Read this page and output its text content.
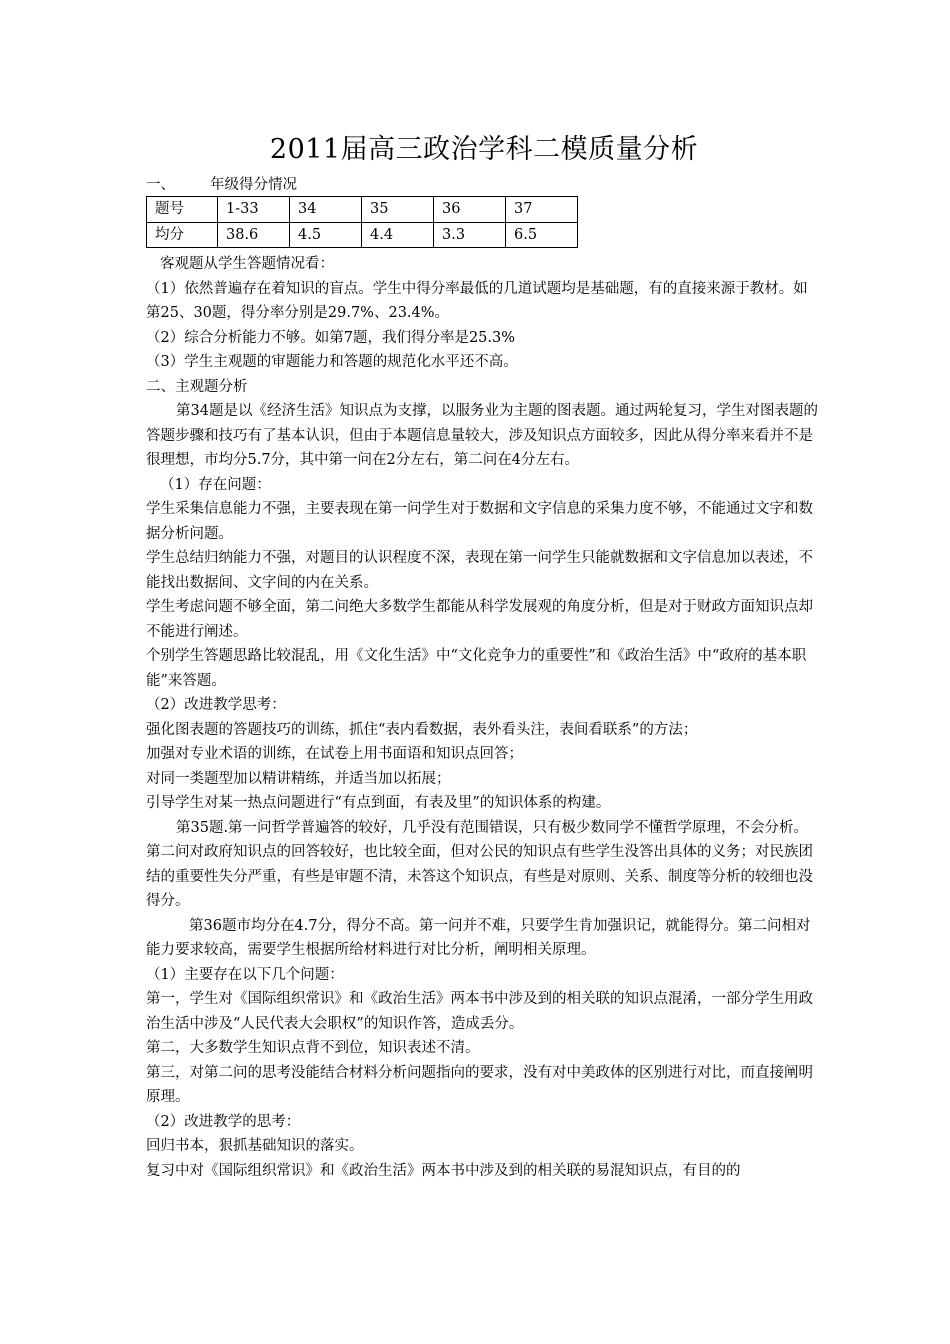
2011届高三政治学科二模质量分析
一、 年级得分情况
题号	1-33	34	35	36	37
均分	38.6	4.5	4.4	3.3	6.5

客观题从学生答题情况看：

（1）依然普遍存在着知识的盲点。学生中得分率最低的几道试题均是基础题，有的直接来源于教材。如第25、30题，得分率分别是29.7%、23.4%。

（2）综合分析能力不够。如第7题，我们得分率是25.3%

（3）学生主观题的审题能力和答题的规范化水平还不高。

二、主观题分析

第34题是以《经济生活》知识点为支撑，以服务业为主题的图表题。通过两轮复习，学生对图表题的答题步骤和技巧有了基本认识，但由于本题信息量较大，涉及知识点方面较多，因此从得分率来看并不是很理想，市均分5.7分，其中第一问在2分左右，第二问在4分左右。

（1）存在问题：

学生采集信息能力不强，主要表现在第一问学生对于数据和文字信息的采集力度不够，不能通过文字和数据分析问题。

学生总结归纳能力不强，对题目的认识程度不深，表现在第一问学生只能就数据和文字信息加以表述，不能找出数据间、文字间的内在关系。

学生考虑问题不够全面，第二问绝大多数学生都能从科学发展观的角度分析，但是对于财政方面知识点却不能进行阐述。

个别学生答题思路比较混乱，用《文化生活》中“文化竞争力的重要性”和《政治生活》中“政府的基本职能”来答题。

（2）改进教学思考：

强化图表题的答题技巧的训练，抓住“表内看数据，表外看头注，表间看联系”的方法；

加强对专业术语的训练，在试卷上用书面语和知识点回答；

对同一类题型加以精讲精练，并适当加以拓展；

引导学生对某一热点问题进行“有点到面，有表及里”的知识体系的构建。

第35题.第一问哲学普遍答的较好，几乎没有范围错误，只有极少数同学不懂哲学原理，不会分析。第二问对政府知识点的回答较好，也比较全面，但对公民的知识点有些学生没答出具体的义务；对民族团结的重要性失分严重，有些是审题不清，未答这个知识点，有些是对原则、关系、制度等分析的较细也没得分。

第36题市均分在4.7分，得分不高。第一问并不难，只要学生肯加强识记，就能得分。第二问相对能力要求较高，需要学生根据所给材料进行对比分析，阐明相关原理。

（1）主要存在以下几个问题：

第一，学生对《国际组织常识》和《政治生活》两本书中涉及到的相关联的知识点混淆，一部分学生用政治生活中涉及“人民代表大会职权”的知识作答，造成丢分。

第二，大多数学生知识点背不到位，知识表述不清。

第三，对第二问的思考没能结合材料分析问题指向的要求，没有对中美政体的区别进行对比，而直接阐明原理。

（2）改进教学的思考：

回归书本，狠抓基础知识的落实。

复习中对《国际组织常识》和《政治生活》两本书中涉及到的相关联的易混知识点，有目的的
